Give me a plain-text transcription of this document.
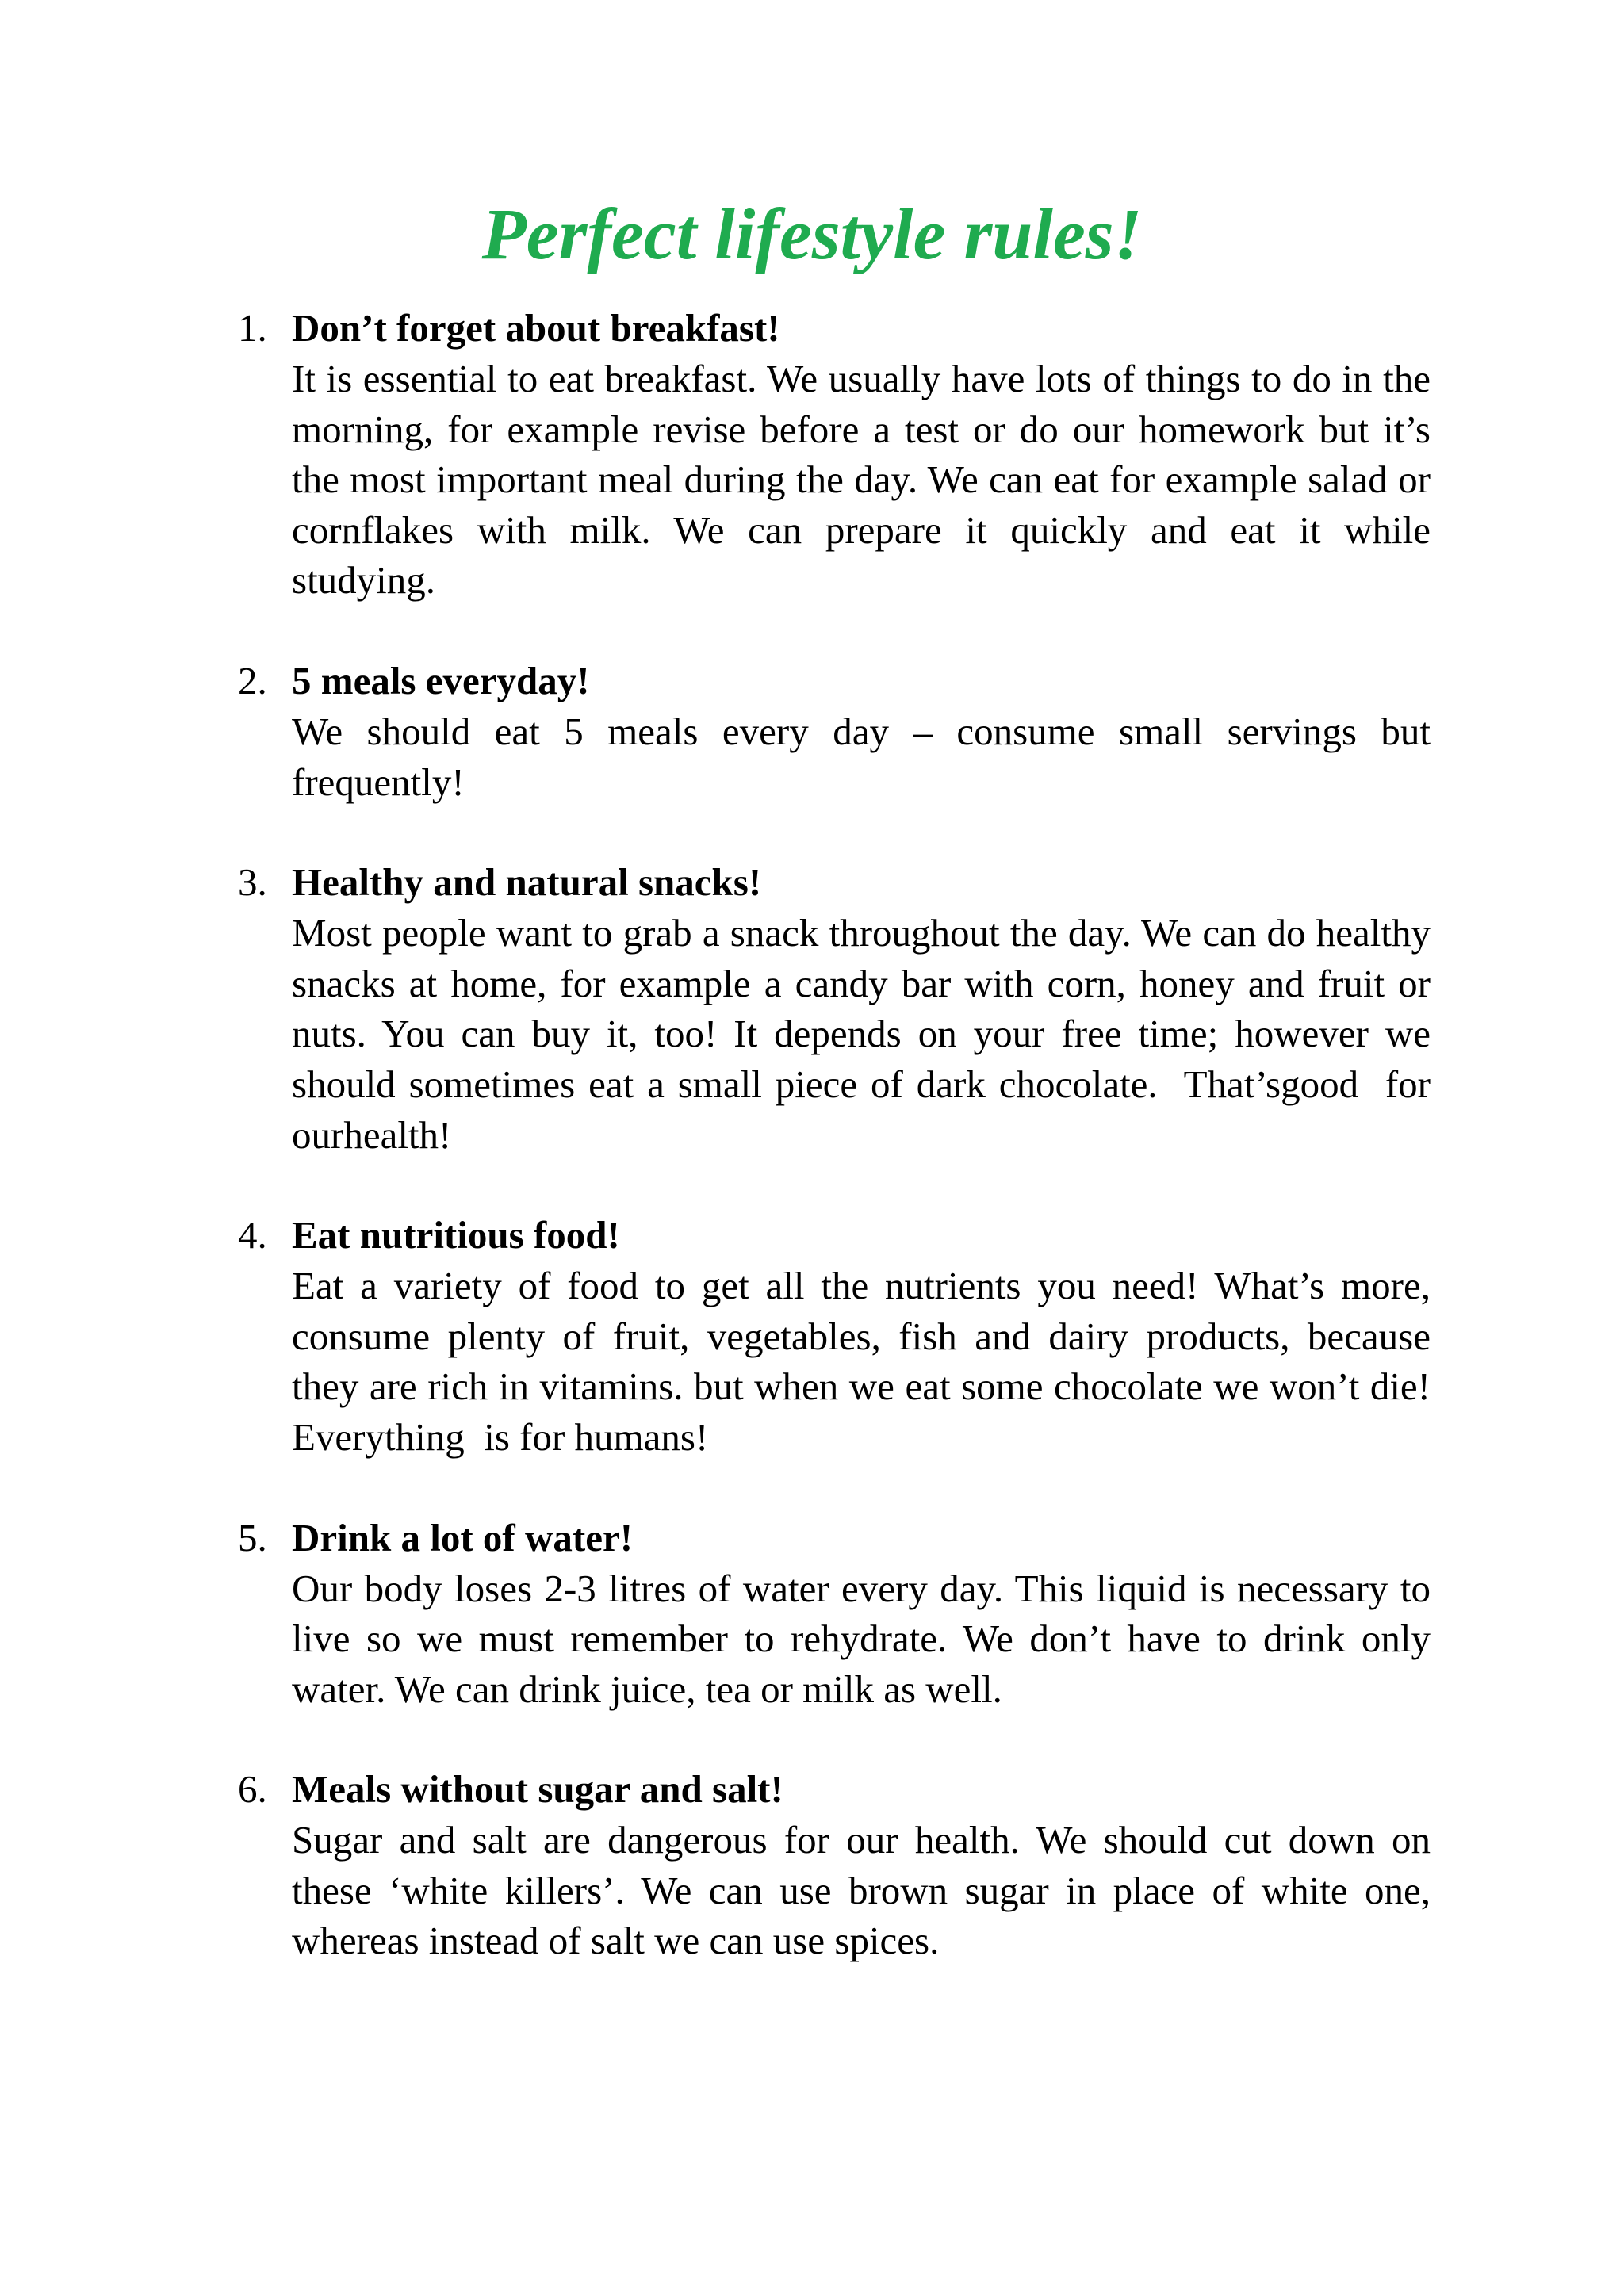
Perfect lifestyle rules!
1. Don’t forget about breakfast!
It is essential to eat breakfast. We usually have lots of things to do in the morning, for example revise before a test or do our homework but it’s the most important meal during the day. We can eat for example salad or cornflakes with milk. We can prepare it quickly and eat it while studying.
2. 5 meals everyday!
We should eat 5 meals every day – consume small servings but frequently!
3. Healthy and natural snacks!
Most people want to grab a snack throughout the day. We can do healthy snacks at home, for example a candy bar with corn, honey and fruit or nuts. You can buy it, too! It depends on your free time; however we should sometimes eat a small piece of dark chocolate.  That’sgood  for ourhealth!
4. Eat nutritious food!
Eat a variety of food to get all the nutrients you need! What’s more,  consume plenty of fruit, vegetables, fish and dairy products, because they are rich in vitamins. but when we eat some chocolate we won’t die! Everything  is for humans!
5. Drink a lot of water!
Our body loses 2-3 litres of water every day. This liquid is necessary to live so we must remember to rehydrate. We don’t have to drink only water. We can drink juice, tea or milk as well.
6. Meals without sugar and salt!
Sugar and salt are dangerous for our health. We should cut down on these ‘white killers’. We can use brown sugar in place of white one, whereas instead of salt we can use spices.
